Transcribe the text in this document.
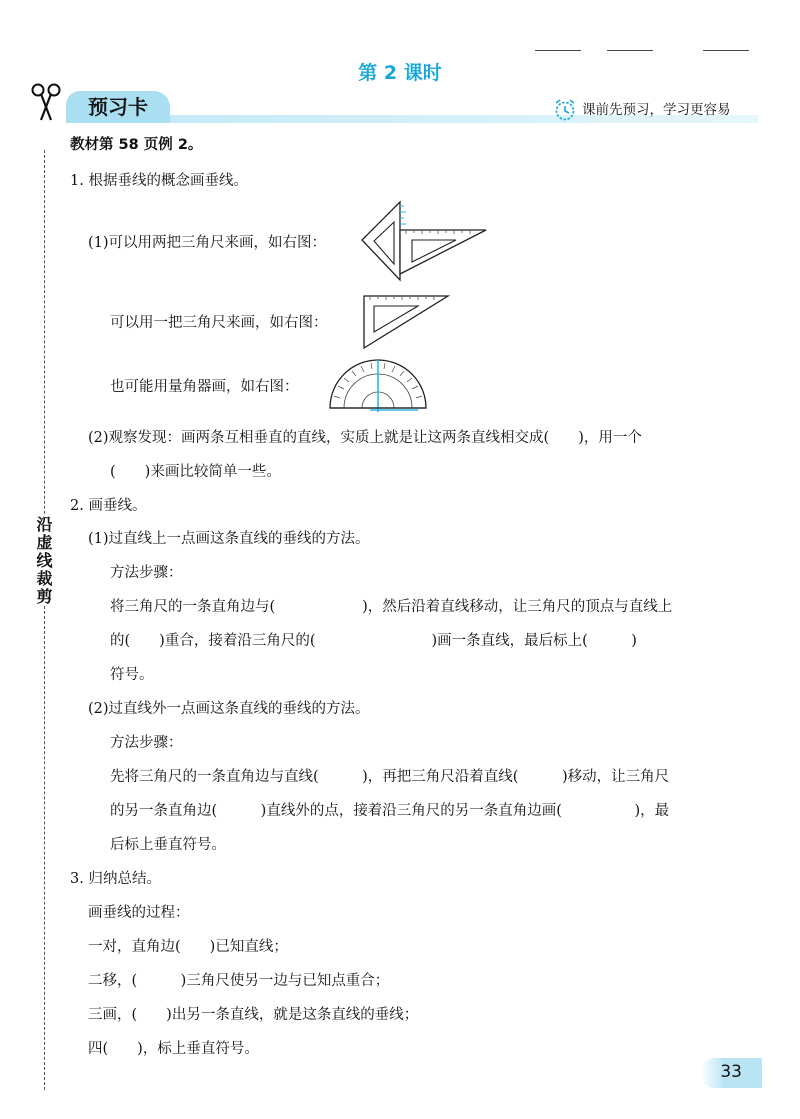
沿虚线裁剪
第 2 课时
预习卡	课前先预习，学习更容易
教材第 58 页例 2。
1. 根据垂线的概念画垂线。
(1)可以用两把三角尺来画，如右图：
可以用一把三角尺来画，如右图：
也可能用量角器画，如右图：
(2)观察发现：画两条互相垂直的直线，实质上就是让这两条直线相交成(　　)，用一个
(　　)来画比较简单一些。
2. 画垂线。
(1)过直线上一点画这条直线的垂线的方法。
方法步骤：
将三角尺的一条直角边与(　　　　　　)，然后沿着直线移动，让三角尺的顶点与直线上
的(　　)重合，接着沿三角尺的(　　　　　　　　)画一条直线，最后标上(　　　)
符号。
(2)过直线外一点画这条直线的垂线的方法。
方法步骤：
先将三角尺的一条直角边与直线(　　　)，再把三角尺沿着直线(　　　)移动，让三角尺
的另一条直角边(　　　)直线外的点，接着沿三角尺的另一条直角边画(　　　　　)，最
后标上垂直符号。
3. 归纳总结。
画垂线的过程：
一对，直角边(　　)已知直线；
二移，(　　　)三角尺使另一边与已知点重合；
三画，(　　)出另一条直线，就是这条直线的垂线；
四(　　)，标上垂直符号。
33
